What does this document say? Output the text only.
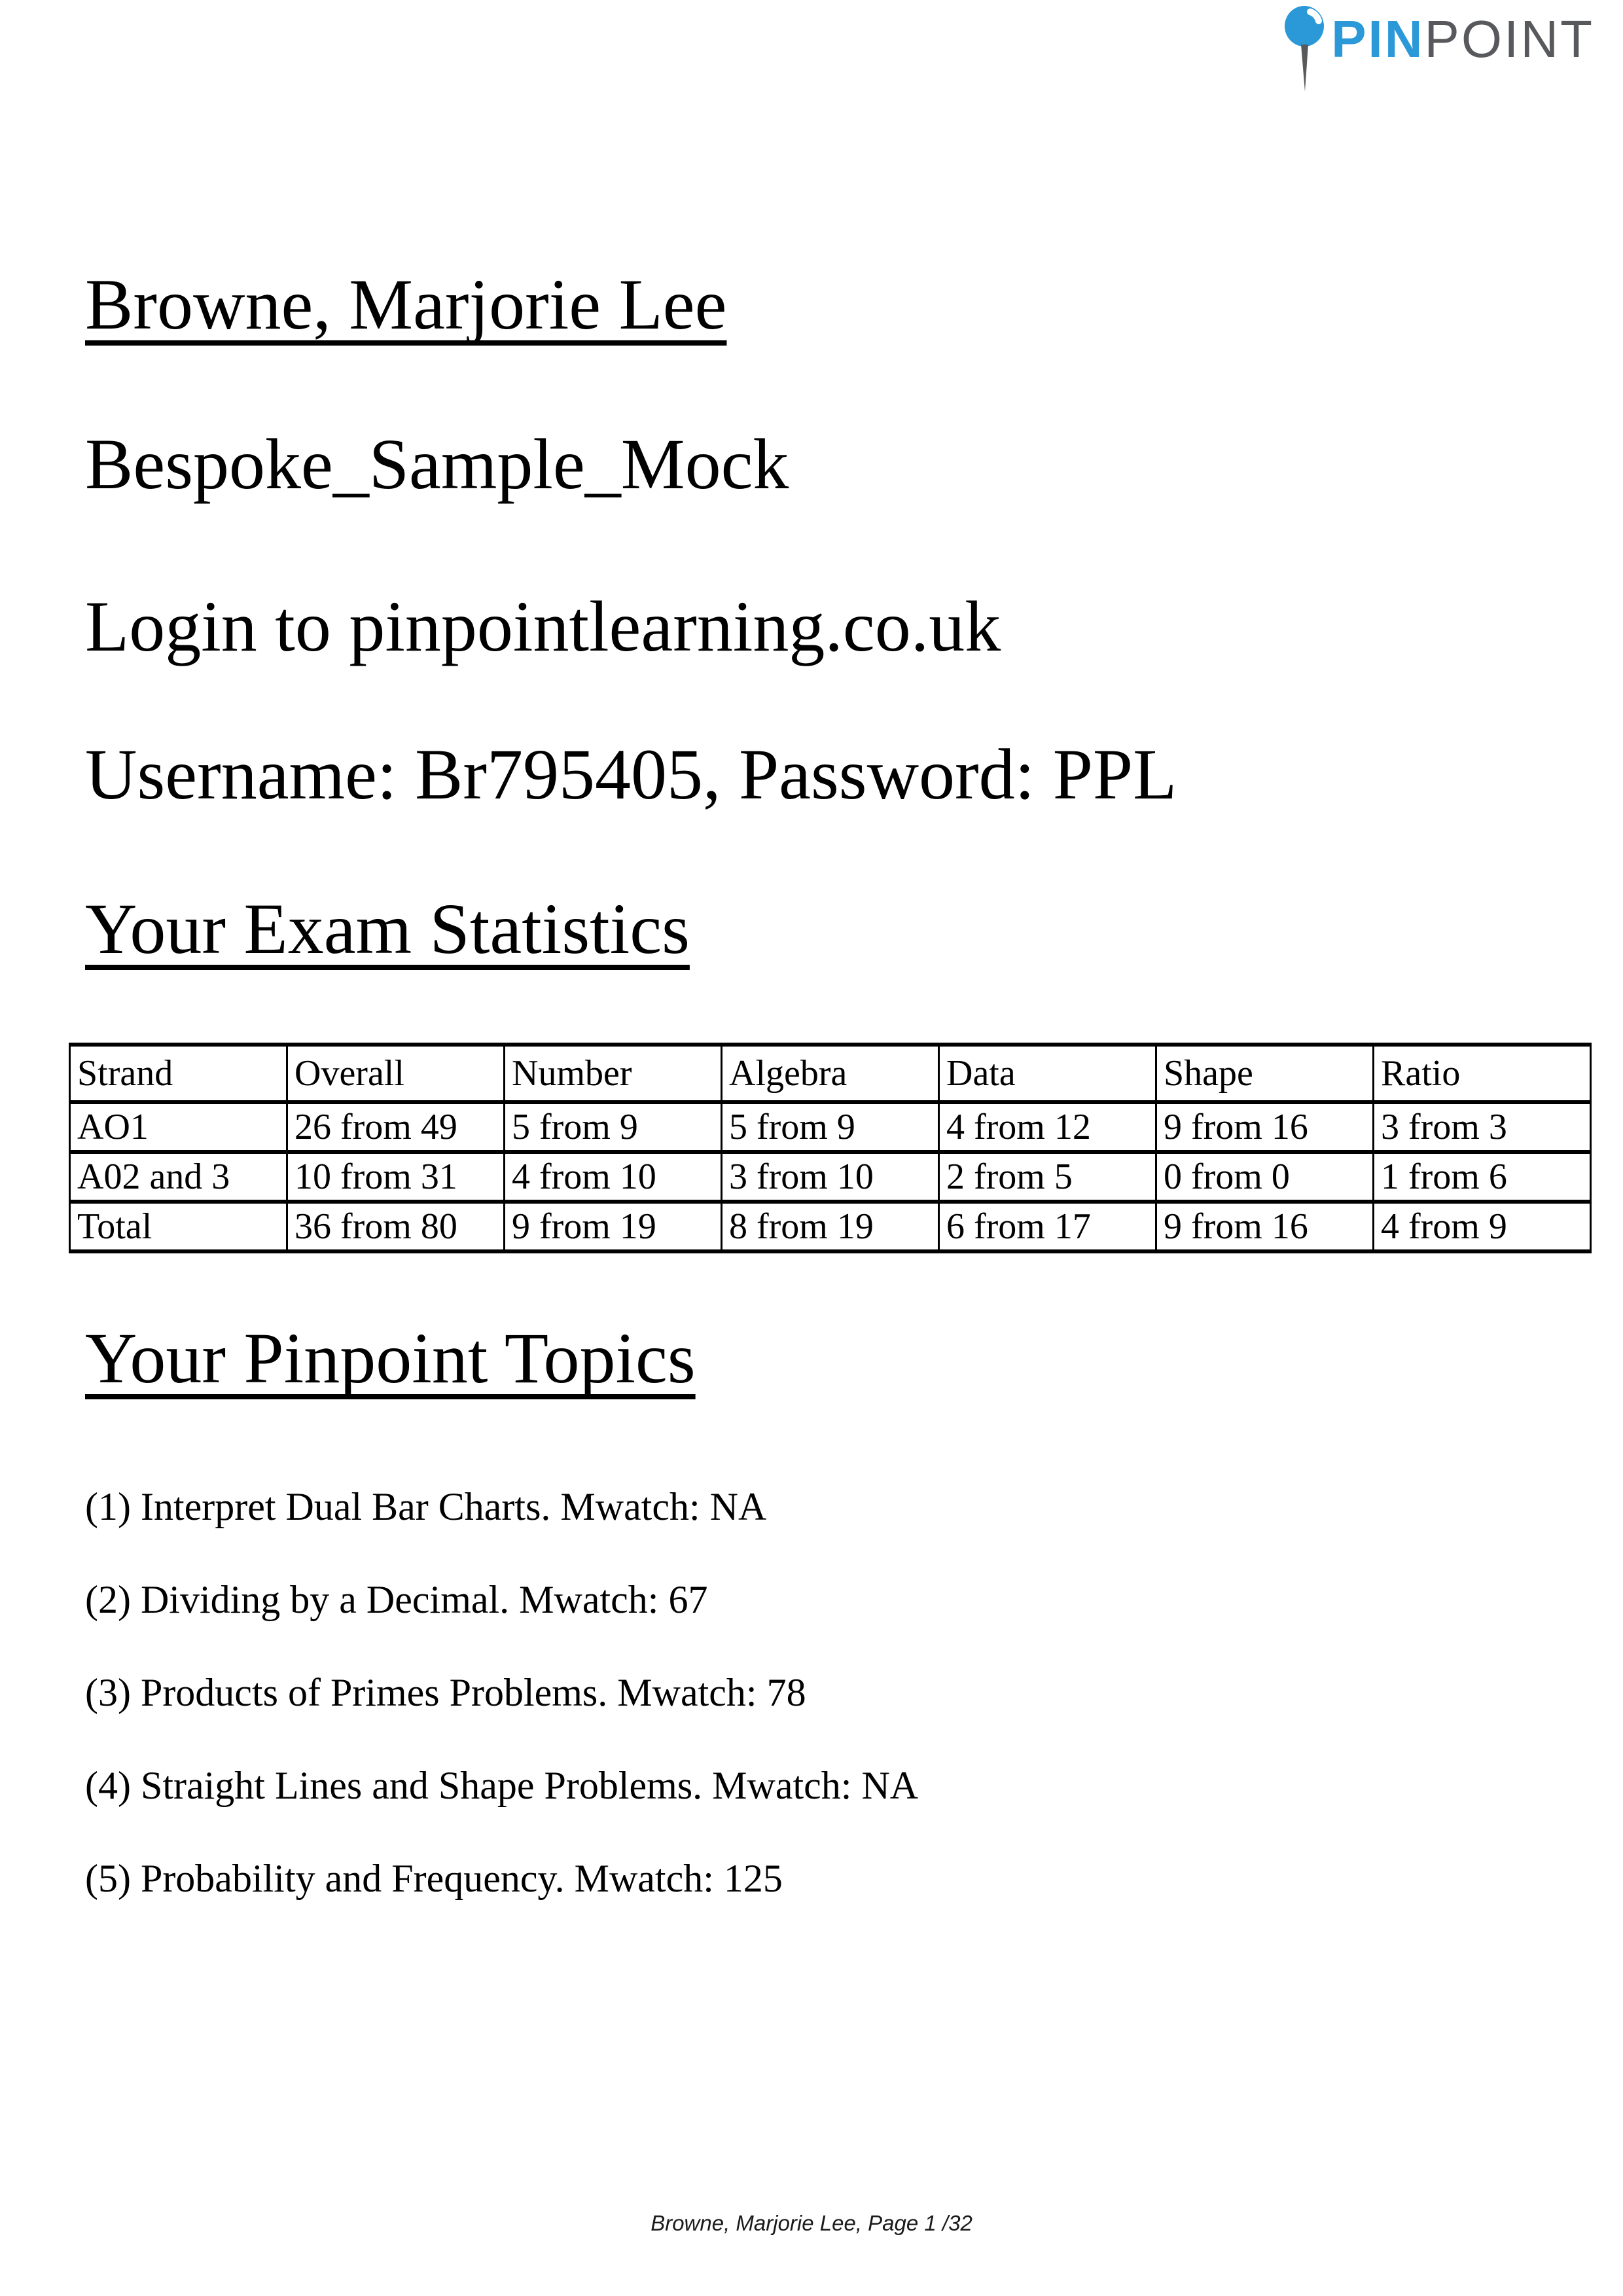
PINPOINT
Browne, Marjorie Lee
Bespoke_Sample_Mock
Login to pinpointlearning.co.uk
Username: Br795405, Password: PPL
Your Exam Statistics
Strand	Overall	Number	Algebra	Data	Shape	Ratio
AO1	26 from 49	5 from 9	5 from 9	4 from 12	9 from 16	3 from 3
A02 and 3	10 from 31	4 from 10	3 from 10	2 from 5	0 from 0	1 from 6
Total	36 from 80	9 from 19	8 from 19	6 from 17	9 from 16	4 from 9
Your Pinpoint Topics
(1) Interpret Dual Bar Charts. Mwatch: NA
(2) Dividing by a Decimal. Mwatch: 67
(3) Products of Primes Problems. Mwatch: 78
(4) Straight Lines and Shape Problems. Mwatch: NA
(5) Probability and Frequency. Mwatch: 125
Browne, Marjorie Lee, Page 1 /32
